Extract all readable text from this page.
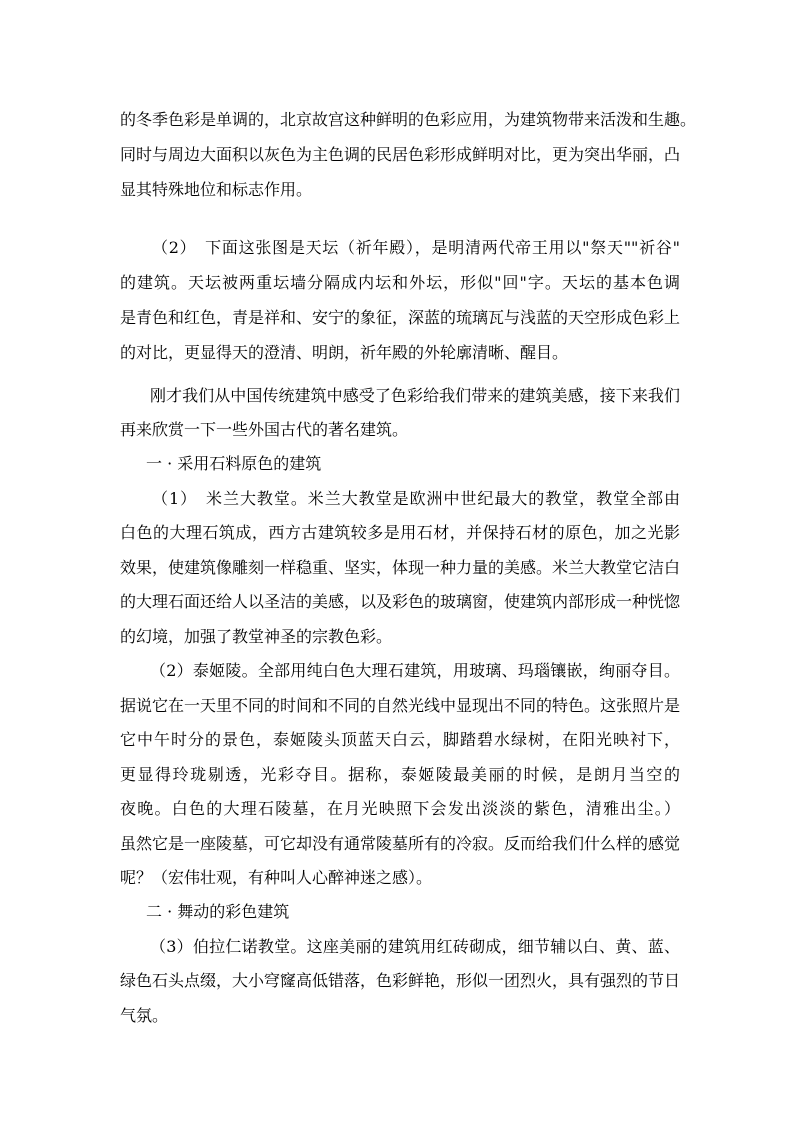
的冬季色彩是单调的，北京故宫这种鲜明的色彩应用，为建筑物带来活泼和生趣。
同时与周边大面积以灰色为主色调的民居色彩形成鲜明对比，更为突出华丽，凸
显其特殊地位和标志作用。
（2）　下面这张图是天坛（祈年殿），是明清两代帝王用以"祭天""祈谷"
的建筑。天坛被两重坛墙分隔成内坛和外坛，形似"回"字。天坛的基本色调
是青色和红色，青是祥和、安宁的象征，深蓝的琉璃瓦与浅蓝的天空形成色彩上
的对比，更显得天的澄清、明朗，祈年殿的外轮廓清晰、醒目。
刚才我们从中国传统建筑中感受了色彩给我们带来的建筑美感，接下来我们
再来欣赏一下一些外国古代的著名建筑。
一 · 采用石料原色的建筑
（1）　米兰大教堂。米兰大教堂是欧洲中世纪最大的教堂，教堂全部由
白色的大理石筑成，西方古建筑较多是用石材，并保持石材的原色，加之光影
效果，使建筑像雕刻一样稳重、坚实，体现一种力量的美感。米兰大教堂它洁白
的大理石面还给人以圣洁的美感，以及彩色的玻璃窗，使建筑内部形成一种恍惚
的幻境，加强了教堂神圣的宗教色彩。
（2）泰姬陵。全部用纯白色大理石建筑，用玻璃、玛瑙镶嵌，绚丽夺目。
据说它在一天里不同的时间和不同的自然光线中显现出不同的特色。这张照片是
它中午时分的景色，泰姬陵头顶蓝天白云，脚踏碧水绿树，在阳光映衬下，
更显得玲珑剔透，光彩夺目。据称，泰姬陵最美丽的时候，是朗月当空的
夜晚。白色的大理石陵墓，在月光映照下会发出淡淡的紫色，清雅出尘。）
虽然它是一座陵墓，可它却没有通常陵墓所有的冷寂。反而给我们什么样的感觉
呢？（宏伟壮观，有种叫人心醉神迷之感）。
二 · 舞动的彩色建筑
（3）伯拉仁诺教堂。这座美丽的建筑用红砖砌成，细节辅以白、黄、蓝、
绿色石头点缀，大小穹窿高低错落，色彩鲜艳，形似一团烈火，具有强烈的节日
气氛。
